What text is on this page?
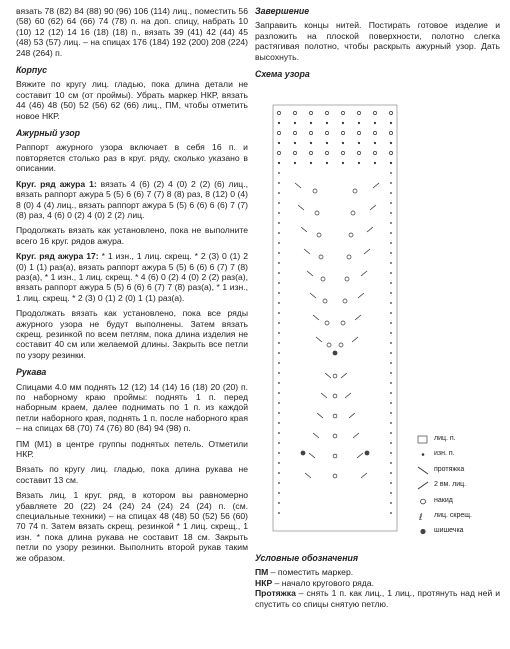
вязать 78 (82) 84 (88) 90 (96) 106 (114) лиц., поместить 56 (58) 60 (62) 64 (66) 74 (78) п. на доп. спицу, набрать 10 (10) 12 (12) 14 16 (18) (18) п., вязать 39 (41) 42 (44) 45 (48) 53 (57) лиц. – на спицах 176 (184) 192 (200) 208 (224) 248 (264) п.

Корпус

Вяжите по кругу лиц. гладью, пока длина детали не составит 10 см (от проймы). Убрать маркер НКР, вязать 44 (46) 48 (50) 52 (56) 62 (66) лиц., ПМ, чтобы отметить новое НКР.

Ажурный узор

Раппорт ажурного узора включает в себя 16 п. и повторяется столько раз в круг. ряду, сколько указано в описании.

Круг. ряд ажура 1: вязать 4 (6) (2) 4 (0) 2 (2) (6) лиц., вязать раппорт ажура 5 (5) 6 (6) 7 (7) 8 (8) раз, 8 (12) 0 (4) 8 (0) 4 (4) лиц., вязать раппорт ажура 5 (5) 6 (6) 6 (6) 7 (7) (8) раз, 4 (6) 0 (2) 4 (0) 2 (2) лиц.

Продолжать вязать как установлено, пока не выполните всего 16 круг. рядов ажура.

Круг. ряд ажура 17: * 1 изн., 1 лиц. скрещ. * 2 (3) 0 (1) 2 (0) 1 (1) раз(а), вязать раппорт ажура 5 (5) 6 (6) 6 (7) 7 (8) раз(а), * 1 изн., 1 лиц. скрещ. * 4 (6) 0 (2) 4 (0) 2 (2) раз(а), вязать раппорт ажура 5 (5) 6 (6) 6 (7) 7 (8) раз(а), * 1 изн., 1 лиц. скрещ. * 2 (3) 0 (1) 2 (0) 1 (1) раз(а).

Продолжать вязать как установлено, пока все ряды ажурного узора не будут выполнены. Затем вязать скрещ. резинкой по всем петлям, пока длина изделия не составит 40 см или желаемой длины. Закрыть все петли по узору резинки.

Рукава

Спицами 4.0 мм поднять 12 (12) 14 (14) 16 (18) 20 (20) п. по наборному краю проймы: поднять 1 п. перед наборным краем, далее поднимать по 1 п. из каждой петли наборного края, поднять 1 п. после наборного края – на спицах 68 (70) 74 (76) 80 (84) 94 (98) п.

ПМ (М1) в центре группы поднятых петель. Отметили НКР.

Вязать по кругу лиц. гладью, пока длина рукава не составит 13 см.

Вязать лиц. 1 круг. ряд, в котором вы равномерно убавляете 20 (22) 24 (24) 24 (24) 24 (24) п. (см. специальные техники) – на спицах 48 (48) 50 (52) 56 (60) 70 74 п. Затем вязать скрещ. резинкой * 1 лиц. скрещ., 1 изн. * пока длина рукава не составит 18 см. Закрыть петли по узору резинки. Выполнить второй рукав таким же образом.

Завершение

Заправить концы нитей. Постирать готовое изделие и разложить на плоской поверхности, полотно слегка растягивая полотно, чтобы раскрыть ажурный узор. Дать высохнуть.

Схема узора
лиц. п.
изн. п.
протяжка
2 вм. лиц.
накид
ℓ лиц. скрещ.
шишечка
Условные обозначения
ПМ – поместить маркер.
НКР – начало кругового ряда.
Протяжка – снять 1 п. как лиц., 1 лиц., протянуть над ней и спустить со спицы снятую петлю.
